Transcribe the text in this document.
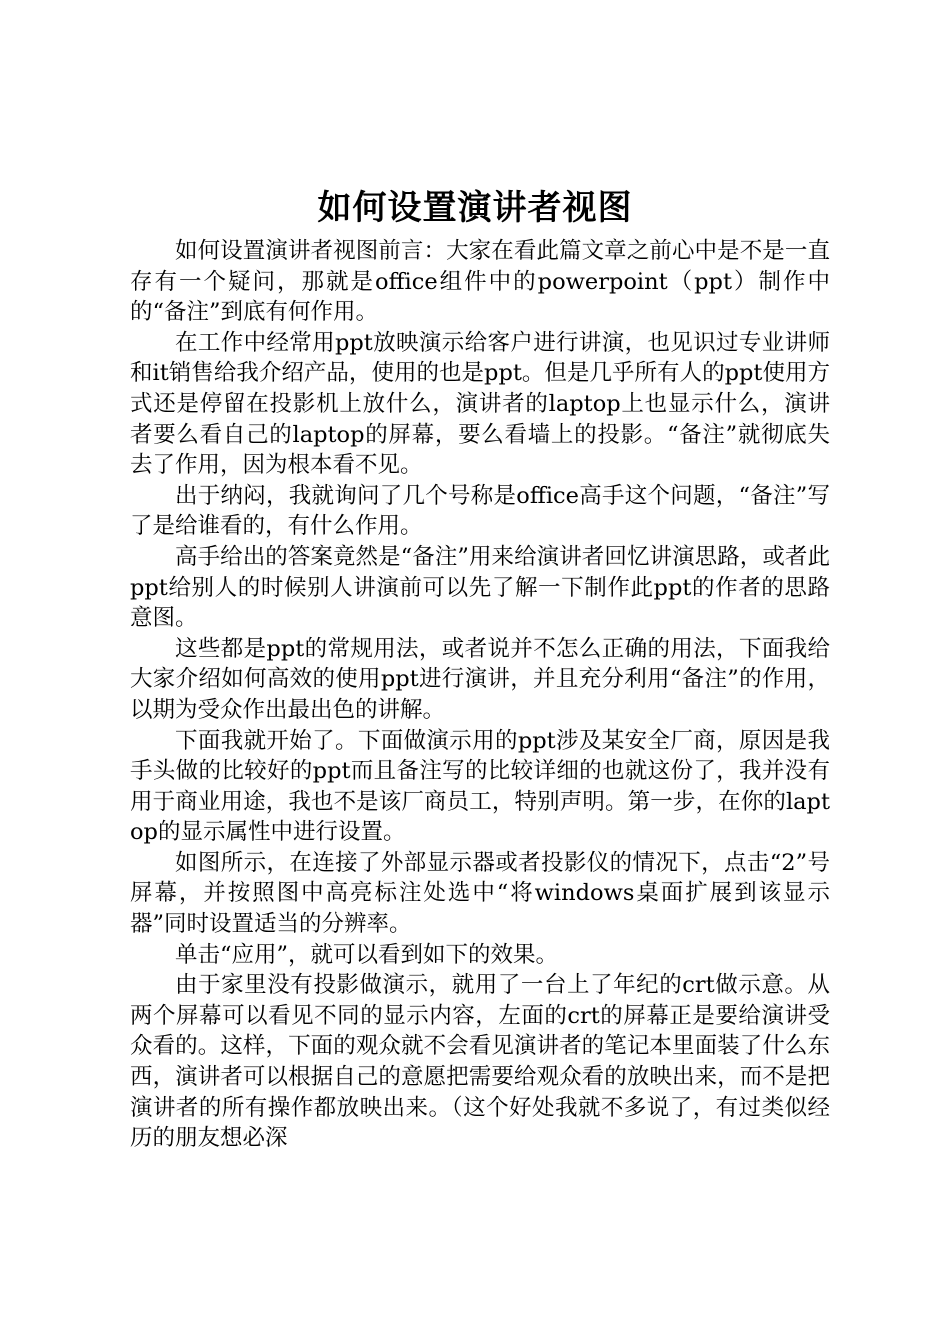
如何设置演讲者视图

如何设置演讲者视图前言：大家在看此篇文章之前心中是不是一直存有一个疑问，那就是office组件中的powerpoint（ppt）制作中的“备注”到底有何作用。

在工作中经常用ppt放映演示给客户进行讲演，也见识过专业讲师和it销售给我介绍产品，使用的也是ppt。但是几乎所有人的ppt使用方式还是停留在投影机上放什么，演讲者的laptop上也显示什么，演讲者要么看自己的laptop的屏幕，要么看墙上的投影。“备注”就彻底失去了作用，因为根本看不见。

出于纳闷，我就询问了几个号称是office高手这个问题，“备注”写了是给谁看的，有什么作用。

高手给出的答案竟然是“备注”用来给演讲者回忆讲演思路，或者此ppt给别人的时候别人讲演前可以先了解一下制作此ppt的作者的思路意图。

这些都是ppt的常规用法，或者说并不怎么正确的用法，下面我给大家介绍如何高效的使用ppt进行演讲，并且充分利用“备注”的作用，以期为受众作出最出色的讲解。

下面我就开始了。下面做演示用的ppt涉及某安全厂商，原因是我手头做的比较好的ppt而且备注写的比较详细的也就这份了，我并没有用于商业用途，我也不是该厂商员工，特别声明。第一步，在你的laptop的显示属性中进行设置。

如图所示，在连接了外部显示器或者投影仪的情况下，点击“2”号屏幕，并按照图中高亮标注处选中“将windows桌面扩展到该显示器”同时设置适当的分辨率。

单击“应用”，就可以看到如下的效果。

由于家里没有投影做演示，就用了一台上了年纪的crt做示意。从两个屏幕可以看见不同的显示内容，左面的crt的屏幕正是要给演讲受众看的。这样，下面的观众就不会看见演讲者的笔记本里面装了什么东西，演讲者可以根据自己的意愿把需要给观众看的放映出来，而不是把演讲者的所有操作都放映出来。（这个好处我就不多说了，有过类似经历的朋友想必深
